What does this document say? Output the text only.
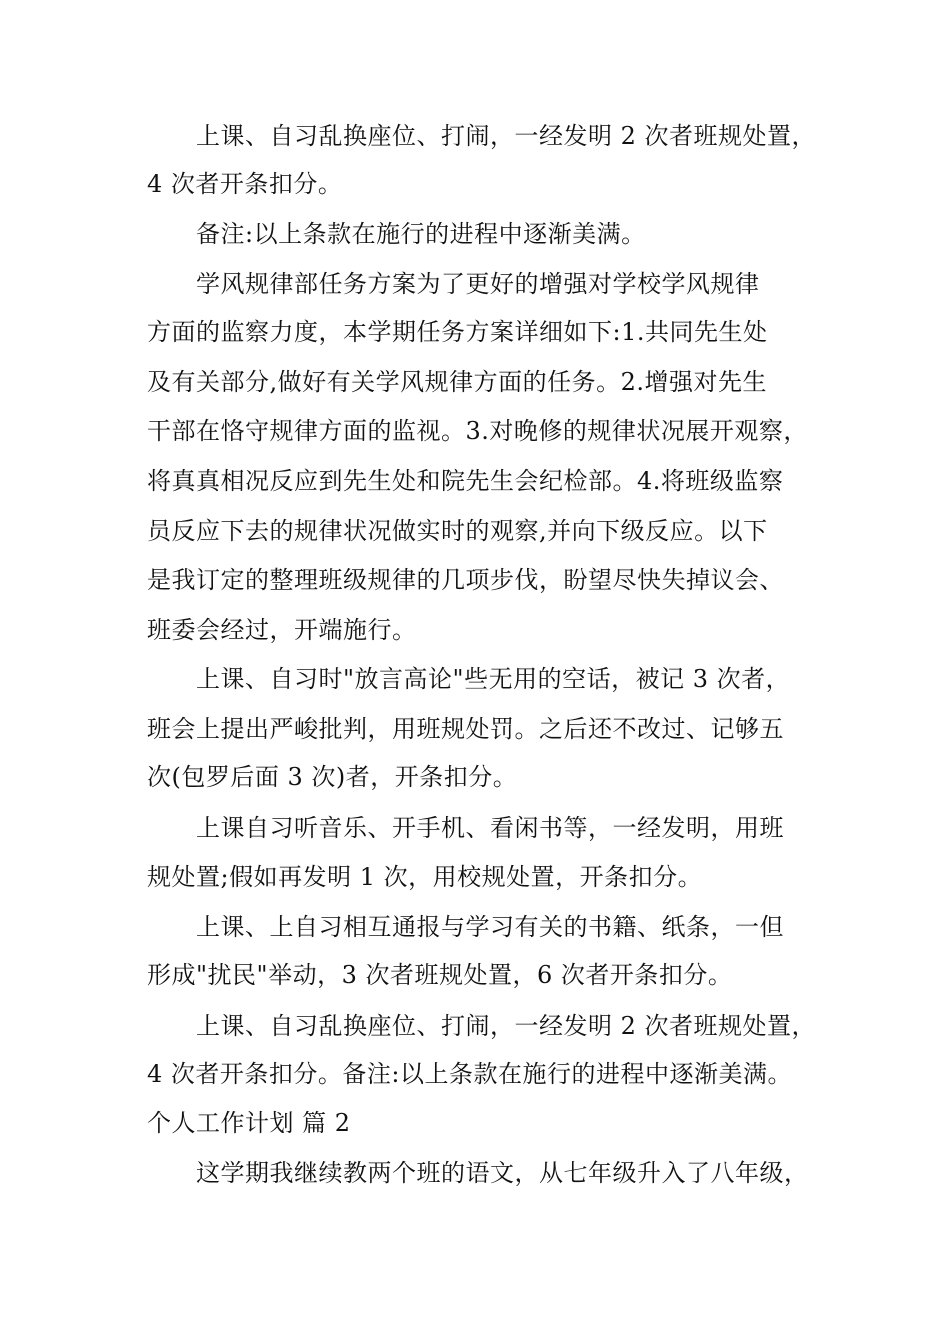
上课、自习乱换座位、打闹，一经发明 2 次者班规处置，
4 次者开条扣分。
备注:以上条款在施行的进程中逐渐美满。
学风规律部任务方案为了更好的增强对学校学风规律
方面的监察力度，本学期任务方案详细如下:1.共同先生处
及有关部分,做好有关学风规律方面的任务。2.增强对先生
干部在恪守规律方面的监视。3.对晚修的规律状况展开观察，
将真真相况反应到先生处和院先生会纪检部。4.将班级监察
员反应下去的规律状况做实时的观察,并向下级反应。以下
是我订定的整理班级规律的几项步伐，盼望尽快失掉议会、
班委会经过，开端施行。
上课、自习时"放言高论"些无用的空话，被记 3 次者，
班会上提出严峻批判，用班规处罚。之后还不改过、记够五
次(包罗后面 3 次)者，开条扣分。
上课自习听音乐、开手机、看闲书等，一经发明，用班
规处置;假如再发明 1 次，用校规处置，开条扣分。
上课、上自习相互通报与学习有关的书籍、纸条，一但
形成"扰民"举动，3 次者班规处置，6 次者开条扣分。
上课、自习乱换座位、打闹，一经发明 2 次者班规处置，
4 次者开条扣分。备注:以上条款在施行的进程中逐渐美满。
个人工作计划 篇 2
这学期我继续教两个班的语文，从七年级升入了八年级，
